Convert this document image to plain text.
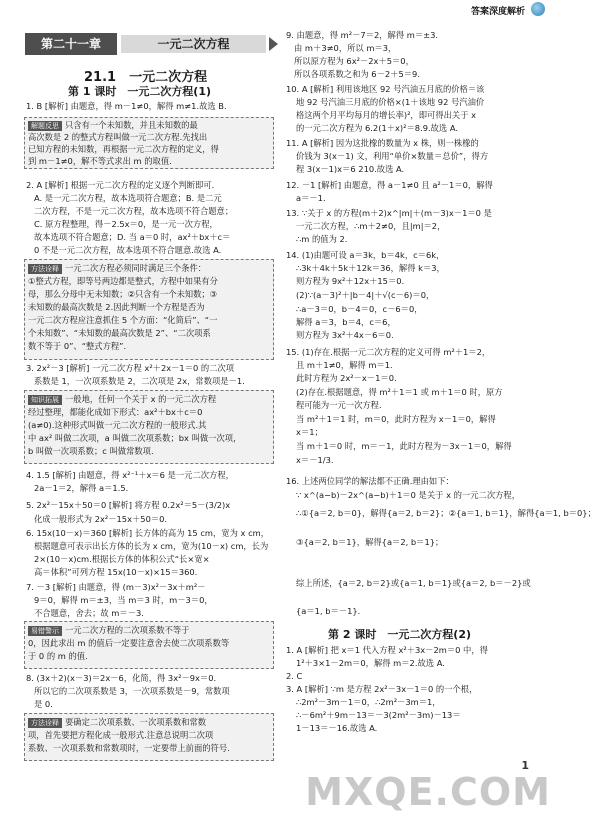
答案深度解析
第二十一章	一元二次方程
21.1　一元二次方程
第 1 课时　一元二次方程(1)
1. B [解析] 由题意，得 m－1≠0，解得 m≠1.故选 B.
解题反思 只含有一个未知数，并且未知数的最
高次数是 2 的整式方程叫做一元二次方程.先找出
已知方程的未知数，再根据一元二次方程的定义，得
到 m－1≠0，解不等式求出 m 的取值.
2. A [解析] 根据一元二次方程的定义逐个判断即可.
A. 是一元二次方程，故本选项符合题意；B. 是二元
二次方程，不是一元二次方程，故本选项不符合题意；
C. 原方程整理，得－2.5x＝0，是一元一次方程，
故本选项不符合题意；D. 当 a＝0 时，ax²＋bx＋c＝
0 不是一元二次方程，故本选项不符合题意.故选 A.
方法诠释 一元二次方程必须同时满足三个条件：
①整式方程，即等号两边都是整式，方程中如果有分
母，那么分母中无未知数；②只含有一个未知数；③
未知数的最高次数是 2.因此判断一个方程是否为
一元二次方程应注意抓住 5 个方面：“化简后”、“一
个未知数”、“未知数的最高次数是 2”、“二次项系
数不等于 0”、“整式方程”.
3. 2x²－3 [解析] 一元二次方程 x²＋2x－1＝0 的二次项
系数是 1，一次项系数是 2，二次项是 2x，常数项是－1.
知识拓展 一般地，任何一个关于 x 的一元二次方程
经过整理，都能化成如下形式：ax²＋bx＋c＝0
(a≠0).这种形式叫做一元二次方程的一般形式.其
中 ax² 叫做二次项，a 叫做二次项系数；bx 叫做一次项，
b 叫做一次项系数；c 叫做常数项.
4. 1.5 [解析] 由题意，得 x²⁻¹＋x＝6 是一元二次方程，
2a－1＝2，解得 a＝1.5.
5. 2x²－15x＋50＝0 [解析] 将方程 0.2x²＝5－(3/2)x
化成一般形式为 2x²－15x＋50＝0.
6. 15x(10－x)＝360 [解析] 长方体的高为 15 cm，宽为 x cm，
根据题意可表示出长方体的长为 x cm，宽为(10－x) cm，长为
2×(10－x)cm.根据长方体的体积公式“长×宽×
高＝体积”可列方程 15x(10－x)×15＝360.
7. －3 [解析] 由题意，得 (m－3)x²－3x＋m²－
9＝0，解得 m＝±3，当 m＝3 时，m－3＝0，
不合题意，舍去；故 m＝－3.
易错警示 一元二次方程的二次项系数不等于
0，因此求出 m 的值后一定要注意舍去使二次项系数等
于 0 的 m 的值.
8. (3x＋2)(x－3)＝2x－6，化简，得 3x²－9x＝0.
所以它的二次项系数是 3，一次项系数是－9，常数项
是 0.
方法诠释 要确定二次项系数、一次项系数和常数
项，首先要把方程化成一般形式.注意总说明二次项
系数、一次项系数和常数项时，一定要带上前面的符号.
9. 由题意，得 m²－7＝2，解得 m＝±3.
由 m＋3≠0，所以 m＝3，
所以原方程为 6x²－2x＋5＝0，
所以各项系数之和为 6－2＋5＝9.
10. A [解析] 利用该地区 92 号汽油五月底的价格＝该
地 92 号汽油三月底的价格×(1＋该地 92 号汽油价
格这两个月平均每月的增长率)²，即可得出关于 x
的一元二次方程为 6.2(1＋x)²＝8.9.故选 A.
11. A [解析] 因为这批橡的数量为 x 株，则一株橡的
价钱为 3(x－1) 文，利用“单价×数量＝总价”，得方
程 3(x－1)x＝6 210.故选 A.
12. －1 [解析] 由题意，得 a－1≠0 且 a²－1＝0，解得
a＝－1.
13. ∵关于 x 的方程(m＋2)x^|m|＋(m－3)x－1＝0 是
一元二次方程，∴m＋2≠0，且|m|＝2，
∴m 的值为 2.
14. (1)由题可设 a＝3k，b＝4k，c＝6k，
∴3k＋4k＋5k＋12k＝36，解得 k＝3，
则方程为 9x²＋12x＋15＝0.
(2)∵(a－3)²＋|b－4|＋√(c－6)＝0，
∴a－3＝0，b－4＝0，c－6＝0，
解得 a＝3，b＝4，c＝6，
则方程为 3x²＋4x－6＝0.
15. (1)存在.根据一元二次方程的定义可得 m²＋1＝2，
且 m＋1≠0，解得 m＝1.
此时方程为 2x²－x－1＝0.
(2)存在.根据题意，得 m²＋1＝1 或 m＋1＝0 时，原方
程可能为一元一次方程.
当 m²＋1＝1 时，m＝0，此时方程为 x－1＝0，解得
x＝1；
当 m＋1＝0 时，m＝－1，此时方程为－3x－1＝0，解得
x＝－1/3.
16. 上述两位同学的解法都不正确.理由如下：
∵ x^(a−b)－2x^(a−b)＋1＝0 是关于 x 的一元二次方程，
∴①{a＝2, b＝0}，解得{a＝2, b＝2}；②{a＝1, b＝1}，解得{a＝1, b＝0}；
③{a＝2, b＝1}，解得{a＝2, b＝1}；
综上所述，{a＝2, b＝2}或{a＝1, b＝1}或{a＝2, b＝－2}或
{a＝1, b＝－1}.
第 2 课时　一元二次方程(2)
1. A [解析] 把 x＝1 代入方程 x²＋3x－2m＝0 中，得
1²＋3×1－2m＝0，解得 m＝2.故选 A.
2. C
3. A [解析] ∵m 是方程 2x²－3x－1＝0 的一个根，
∴2m²－3m－1＝0，∴2m²－3m＝1，
∴－6m²＋9m－13＝－3(2m²－3m)－13＝
1－13＝－16.故选 A.
1
MXQE.COM
